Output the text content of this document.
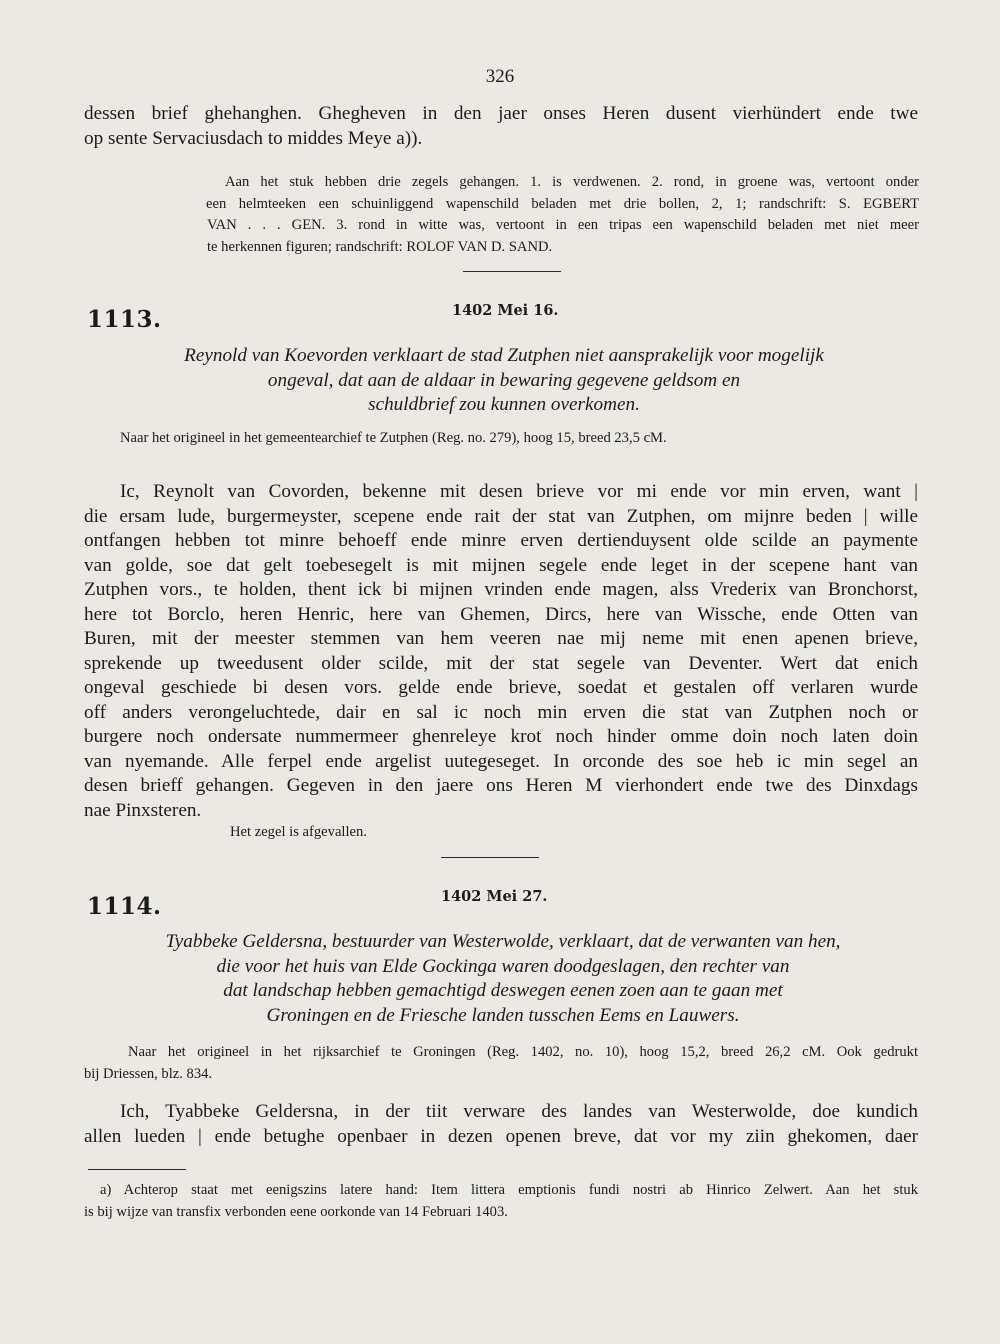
326
dessen brief ghehanghen. Ghegheven in den jaer onses Heren dusent vierhündert ende twe
op sente Servaciusdach to middes Meye a)).
Aan het stuk hebben drie zegels gehangen. 1. is verdwenen. 2. rond, in groene was, vertoont onder
een helmteeken een schuinliggend wapenschild beladen met drie bollen, 2, 1; randschrift: S. EGBERT
VAN . . . GEN. 3. rond in witte was, vertoont in een tripas een wapenschild beladen met niet meer
te herkennen figuren; randschrift: ROLOF VAN D. SAND.
1113.	1402 Mei 16.
Reynold van Koevorden verklaart de stad Zutphen niet aansprakelijk voor mogelijk
ongeval, dat aan de aldaar in bewaring gegevene geldsom en
schuldbrief zou kunnen overkomen.
Naar het origineel in het gemeentearchief te Zutphen (Reg. no. 279), hoog 15, breed 23,5 cM.
Ic, Reynolt van Covorden, bekenne mit desen brieve vor mi ende vor min erven, want |
die ersam lude, burgermeyster, scepene ende rait der stat van Zutphen, om mijnre beden | wille
ontfangen hebben tot minre behoeff ende minre erven dertienduysent olde scilde an paymente
van golde, soe dat gelt toebesegelt is mit mijnen segele ende leget in der scepene hant van
Zutphen vors., te holden, thent ick bi mijnen vrinden ende magen, alss Vrederix van Bronchorst,
here tot Borclo, heren Henric, here van Ghemen, Dircs, here van Wissche, ende Otten van
Buren, mit der meester stemmen van hem veeren nae mij neme mit enen apenen brieve,
sprekende up tweedusent older scilde, mit der stat segele van Deventer. Wert dat enich
ongeval geschiede bi desen vors. gelde ende brieve, soedat et gestalen off verlaren wurde
off anders verongeluchtede, dair en sal ic noch min erven die stat van Zutphen noch or
burgere noch ondersate nummermeer ghenreleye krot noch hinder omme doin noch laten doin
van nyemande. Alle ferpel ende argelist uutegeseget. In orconde des soe heb ic min segel an
desen brieff gehangen. Gegeven in den jaere ons Heren M vierhondert ende twe des Dinxdags
nae Pinxsteren.
Het zegel is afgevallen.
1114.	1402 Mei 27.
Tyabbeke Geldersna, bestuurder van Westerwolde, verklaart, dat de verwanten van hen,
die voor het huis van Elde Gockinga waren doodgeslagen, den rechter van
dat landschap hebben gemachtigd deswegen eenen zoen aan te gaan met
Groningen en de Friesche landen tusschen Eems en Lauwers.
Naar het origineel in het rijksarchief te Groningen (Reg. 1402, no. 10), hoog 15,2, breed 26,2 cM. Ook gedrukt
bij Driessen, blz. 834.
Ich, Tyabbeke Geldersna, in der tiit verware des landes van Westerwolde, doe kundich
allen lueden | ende betughe openbaer in dezen openen breve, dat vor my ziin ghekomen, daer
a) Achterop staat met eenigszins latere hand: Item littera emptionis fundi nostri ab Hinrico Zelwert. Aan het stuk
is bij wijze van transfix verbonden eene oorkonde van 14 Februari 1403.
